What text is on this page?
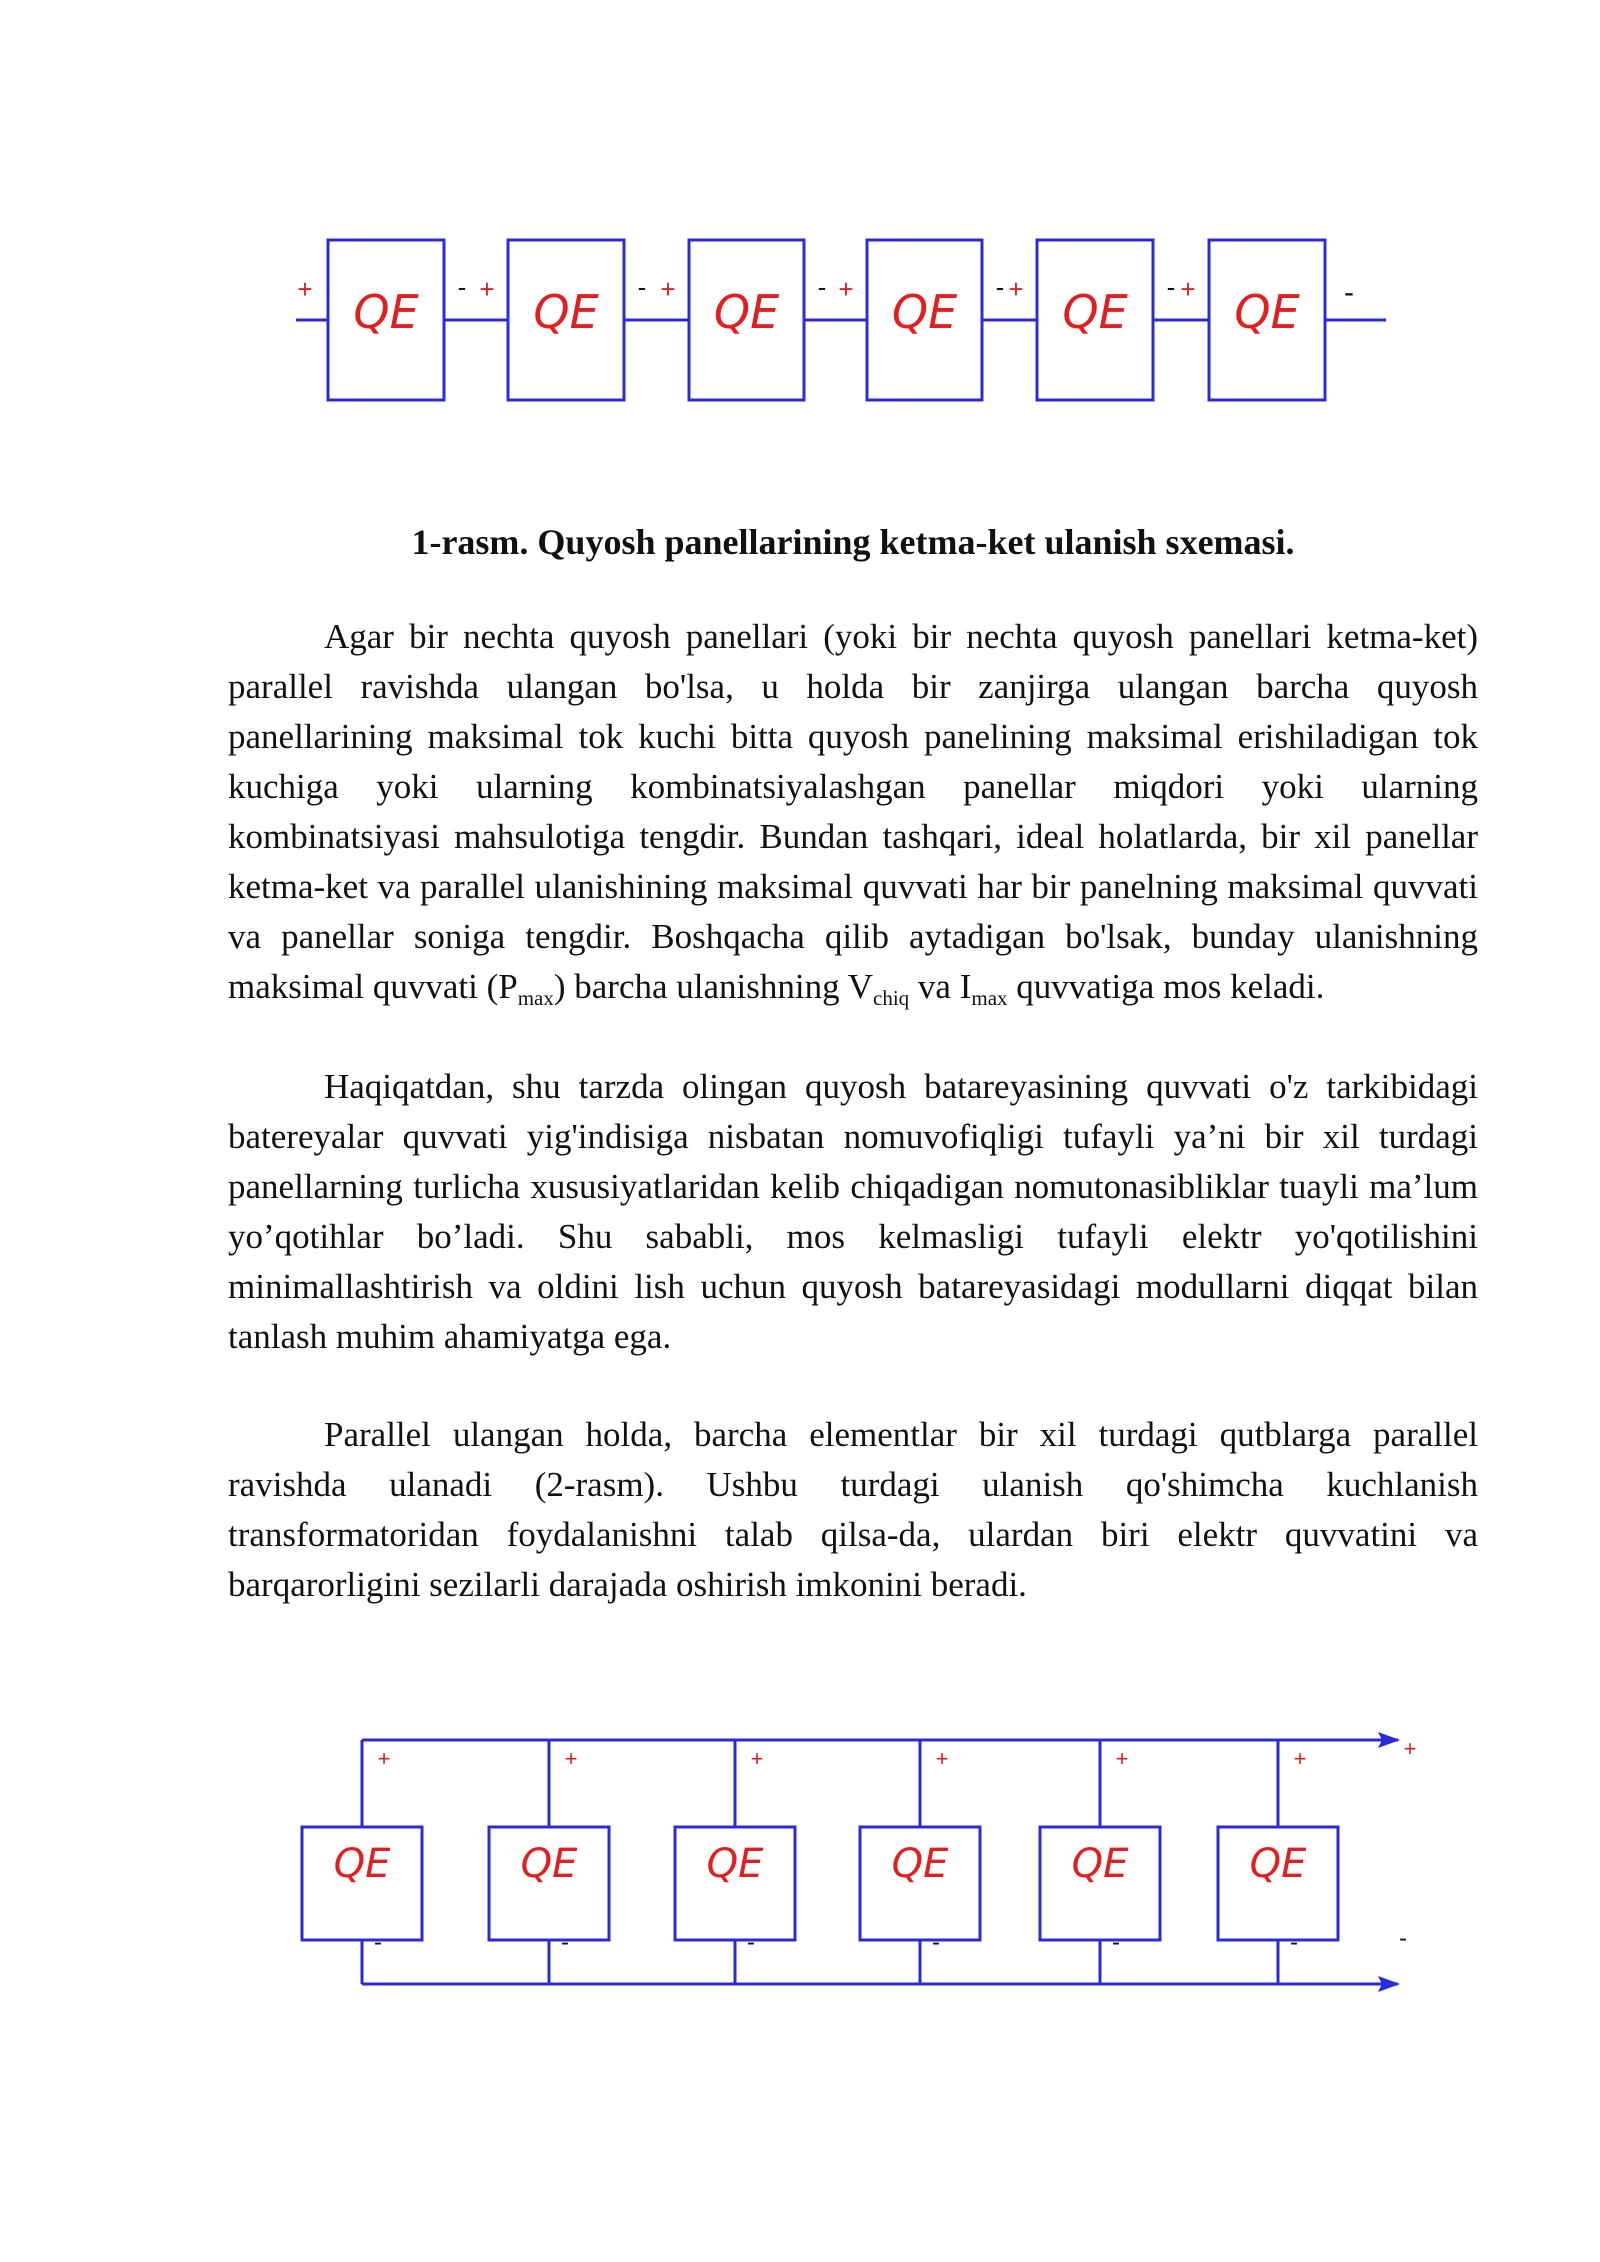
QE - + QE - + QE - + QE - + QE - + QE
+	-

1-rasm. Quyosh panellarining ketma-ket ulanish sxemasi.

Agar bir nechta quyosh panellari (yoki bir nechta quyosh panellari ketma-ket) parallel ravishda ulangan bo'lsa, u holda bir zanjirga ulangan barcha quyosh panellarining maksimal tok kuchi bitta quyosh panelining maksimal erishiladigan tok kuchiga yoki ularning kombinatsiyalashgan panellar miqdori yoki ularning kombinatsiyasi mahsulotiga tengdir. Bundan tashqari, ideal holatlarda, bir xil panellar ketma-ket va parallel ulanishining maksimal quvvati har bir panelning maksimal quvvati va panellar soniga tengdir. Boshqacha qilib aytadigan bo'lsak, bunday ulanishning maksimal quvvati $(P_{max})$ barcha ulanishning $V_{chiq}$ va $I_{max}$ quvvatiga mos keladi.

Haqiqatdan, shu tarzda olingan quyosh batareyasining quvvati o'z tarkibidagi batereyalar quvvati yig'indisiga nisbatan nomuvofiqligi tufayli ya’ni bir xil turdagi panellarning turlicha xususiyatlaridan kelib chiqadigan nomutonasibliklar tuayli ma’lum yo’qotihlar bo’ladi. Shu sababli, mos kelmasligi tufayli elektr yo'qotilishini minimallashtirish va oldini lish uchun quyosh batareyasidagi modullarni diqqat bilan tanlash muhim ahamiyatga ega.

Parallel ulangan holda, barcha elementlar bir xil turdagi qutblarga parallel ravishda ulanadi (2-rasm). Ushbu turdagi ulanish qo'shimcha kuchlanish transformatoridan foydalanishni talab qilsa-da, ulardan biri elektr quvvatini va barqarorligini sezilarli darajada oshirish imkonini beradi.

QE
+
-
QE
+
-
QE
+
-
QE
+
-
QE
+
-
QE
+
-
+
-
